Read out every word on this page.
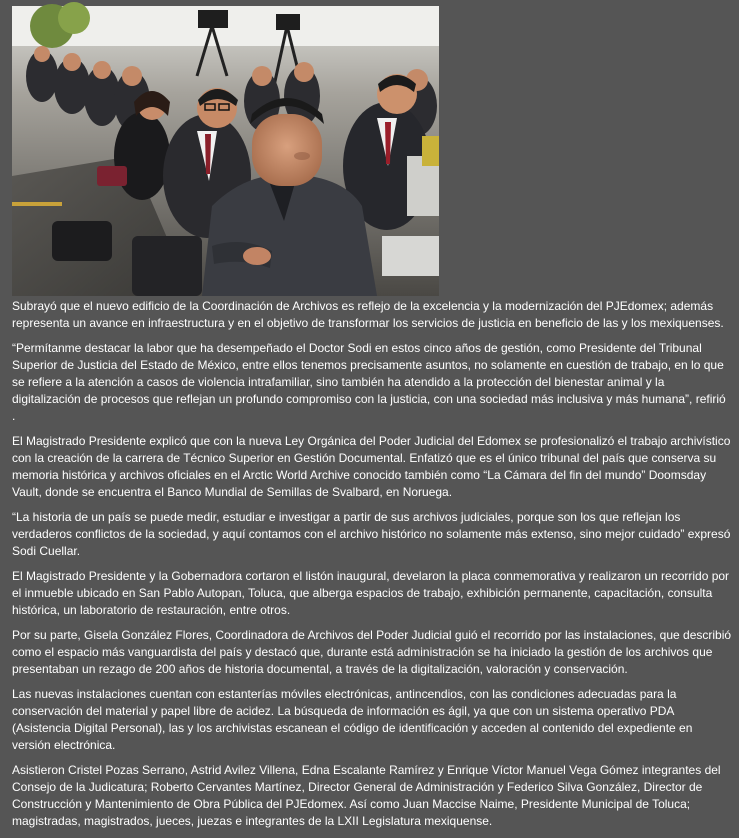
Subrayó que el nuevo edificio de la Coordinación de Archivos es reflejo de la excelencia y la modernización del PJEdomex; además representa un avance en infraestructura y en el objetivo de transformar los servicios de justicia en beneficio de las y los mexiquenses.

“Permítanme destacar la labor que ha desempeñado el Doctor Sodi en estos cinco años de gestión, como Presidente del Tribunal Superior de Justicia del Estado de México, entre ellos tenemos precisamente asuntos, no solamente en cuestión de trabajo, en lo que se refiere a la atención a casos de violencia intrafamiliar, sino también ha atendido a la protección del bienestar animal y la digitalización de procesos que reflejan un profundo compromiso con la justicia, con una sociedad más inclusiva y más humana”, refirió .

El Magistrado Presidente explicó que con la nueva Ley Orgánica del Poder Judicial del Edomex se profesionalizó el trabajo archivístico con la creación de la carrera de Técnico Superior en Gestión Documental. Enfatizó que es el único tribunal del país que conserva su memoria histórica y archivos oficiales en el Arctic World Archive conocido también como “La Cámara del fin del mundo” Doomsday Vault, donde se encuentra el Banco Mundial de Semillas de Svalbard, en Noruega.

“La historia de un país se puede medir, estudiar e investigar a partir de sus archivos judiciales, porque son los que reflejan los verdaderos conflictos de la sociedad, y aquí contamos con el archivo histórico no solamente más extenso, sino mejor cuidado” expresó Sodi Cuellar.

El Magistrado Presidente y la Gobernadora cortaron el listón inaugural, develaron la placa conmemorativa y realizaron un recorrido por el inmueble ubicado en San Pablo Autopan, Toluca, que alberga espacios de trabajo, exhibición permanente, capacitación, consulta histórica, un laboratorio de restauración, entre otros.

Por su parte, Gisela González Flores, Coordinadora de Archivos del Poder Judicial guió el recorrido por las instalaciones, que describió como el espacio más vanguardista del país y destacó que, durante está administración se ha iniciado la gestión de los archivos que presentaban un rezago de 200 años de historia documental, a través de la digitalización, valoración y conservación.

Las nuevas instalaciones cuentan con estanterías móviles electrónicas, antincendios, con las condiciones adecuadas para la conservación del material y papel libre de acidez. La búsqueda de información es ágil, ya que con un sistema operativo PDA (Asistencia Digital Personal), las y los archivistas escanean el código de identificación y acceden al contenido del expediente en versión electrónica.

Asistieron Cristel Pozas Serrano, Astrid Avilez Villena, Edna Escalante Ramírez y Enrique Víctor Manuel Vega Gómez integrantes del Consejo de la Judicatura; Roberto Cervantes Martínez, Director General de Administración y Federico Silva González, Director de Construcción y Mantenimiento de Obra Pública del PJEdomex. Así como Juan Maccise Naime, Presidente Municipal de Toluca; magistradas, magistrados, jueces, juezas e integrantes de la LXII Legislatura mexiquense.
